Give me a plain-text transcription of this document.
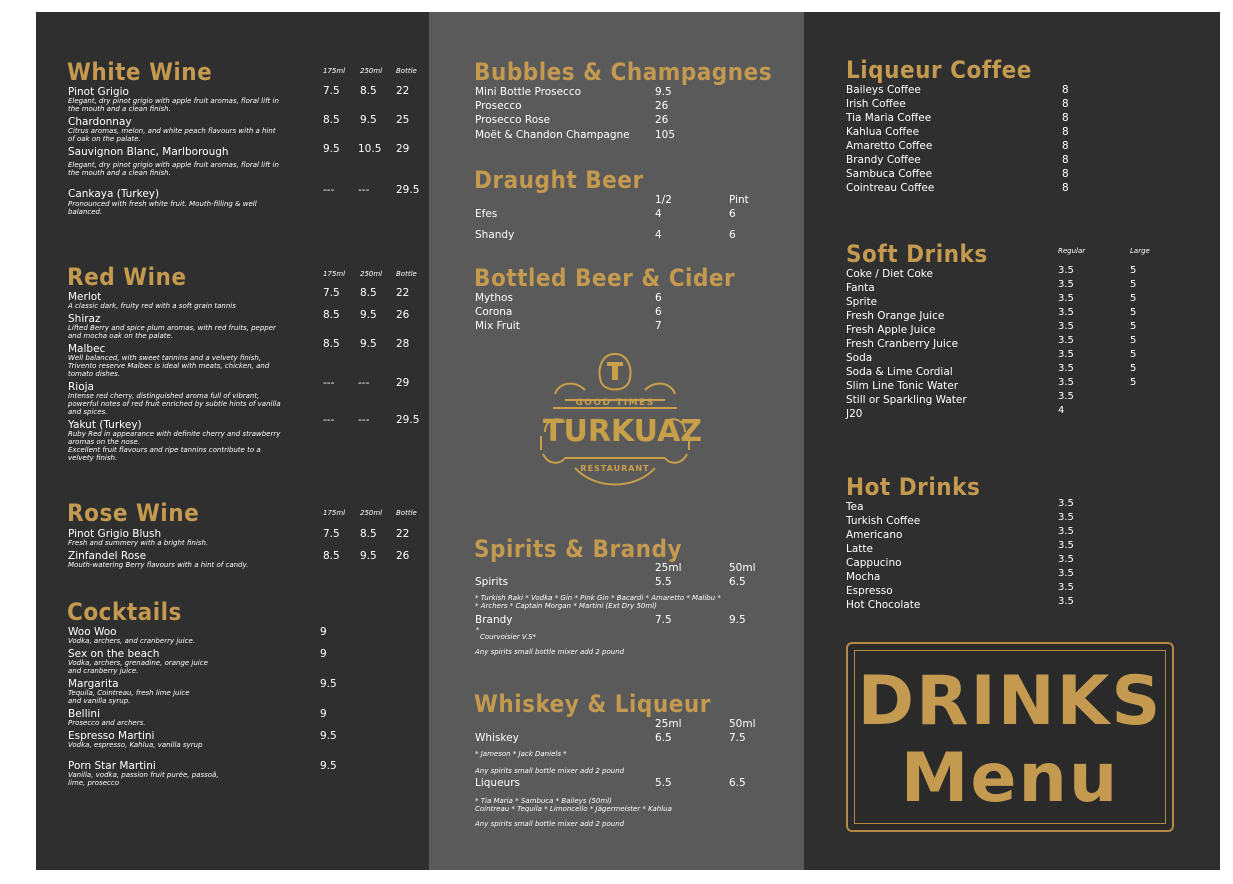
White Wine	175ml 250ml Bottle
Pinot Grigio
Elegant, dry pinot grigio with apple fruit aromas, floral lift in
the mouth and a clean finish.
7.5 8.5 22
Chardonnay
Citrus aromas, melon, and white peach flavours with a hint
of oak on the palate.
8.5 9.5 25
Sauvignon Blanc, Marlborough
Elegant, dry pinot grigio with apple fruit aromas, floral lift in
the mouth and a clean finish.
9.5 10.5 29
Cankaya (Turkey)
Pronounced with fresh white fruit. Mouth-filling & well
balanced.
--- ---	29.5
Red Wine	175ml 250ml Bottle
Merlot
A classic dark, fruity red with a soft grain tannis
7.5 8.5 22
Shiraz
Lifted Berry and spice plum aromas, with red fruits, pepper
and mocha oak on the palate.
8.5 9.5 26
Malbec
Well balanced, with sweet tannins and a velvety finish,
Trivento reserve Malbec is ideal with meats, chicken, and
tomato dishes.
8.5 9.5 28
Rioja
Intense red cherry, distinguished aroma full of vibrant,
powerful notes of red fruit enriched by subtle hints of vanilla
and spices.
--- ---	29
Yakut (Turkey)
Ruby Red in appearance with definite cherry and strawberry
aromas on the nose.
Excellent fruit flavours and ripe tannins contribute to a
velvety finish.
--- ---	29.5
Rose Wine	175ml 250ml Bottle
Pinot Grigio Blush
Fresh and summery with a bright finish.
7.5 8.5 22
Zinfandel Rose
Mouth-watering Berry flavours with a hint of candy.
8.5 9.5 26
Cocktails
Woo Woo
Vodka, archers, and cranberry juice.
9
Sex on the beach
Vodka, archers, grenadine, orange juice
and cranberry juice.
9
Margarita
Tequila, Cointreau, fresh lime juice
and vanilla syrup.
9.5
Bellini
Prosecco and archers.
9
Espresso Martini
Vodka, espresso, Kahlua, vanilla syrup
9.5
Porn Star Martini
Vanilla, vodka, passion fruit purée, passoã,
lime, prosecco
9.5
Bubbles & Champagnes
Mini Bottle Prosecco	9.5
Prosecco	26
Prosecco Rose	26
Moët & Chandon Champagne 105
Draught Beer
1/2	Pint
Efes	4	6
Shandy	4	6
Bottled Beer & Cider
Mythos	6
Corona	6
Mix Fruit	7
GOOD TIMES
TURKUAZ
RESTAURANT
Spirits & Brandy
25ml	50ml
Spirits	5.5	6.5
* Turkish Raki * Vodka * Gin * Pink Gin * Bacardi * Amaretto * Malibu *
* Archers * Captain Morgan * Martini (Ext Dry 50ml)
Brandy
*
7.5	9.5
Courvoisier V.S*
Any spirits small bottle mixer add 2 pound
Whiskey & Liqueur
25ml	50ml
Whiskey	6.5	7.5
* Jameson * Jack Daniels *
Any spirits small bottle mixer add 2 pound
Liqueurs	5.5	6.5
* Tia Maria * Sambuca * Baileys (50ml)
Cointreau * Tequila * Limoncello * Jägermeister * Kahlua
Any spirits small bottle mixer add 2 pound
Liqueur Coffee
Baileys Coffee	8
Irish Coffee	8
Tia Maria Coffee	8
Kahlua Coffee	8
Amaretto Coffee	8
Brandy Coffee	8
Sambuca Coffee	8
Cointreau Coffee	8
Soft Drinks	Regular	Large
Coke / Diet Coke	3.5	5
Fanta	3.5	5
Sprite	3.5	5
Fresh Orange Juice	3.5	5
Fresh Apple Juice	3.5	5
Fresh Cranberry Juice	3.5	5
Soda	3.5	5
Soda & Lime Cordial	3.5	5
Slim Line Tonic Water	3.5	5
Still or Sparkling Water	3.5
J20	4
Hot Drinks
Tea	3.5
Turkish Coffee	3.5
Americano	3.5
Latte	3.5
Cappucino	3.5
Mocha	3.5
Espresso	3.5
Hot Chocolate	3.5
DRINKS
Menu
